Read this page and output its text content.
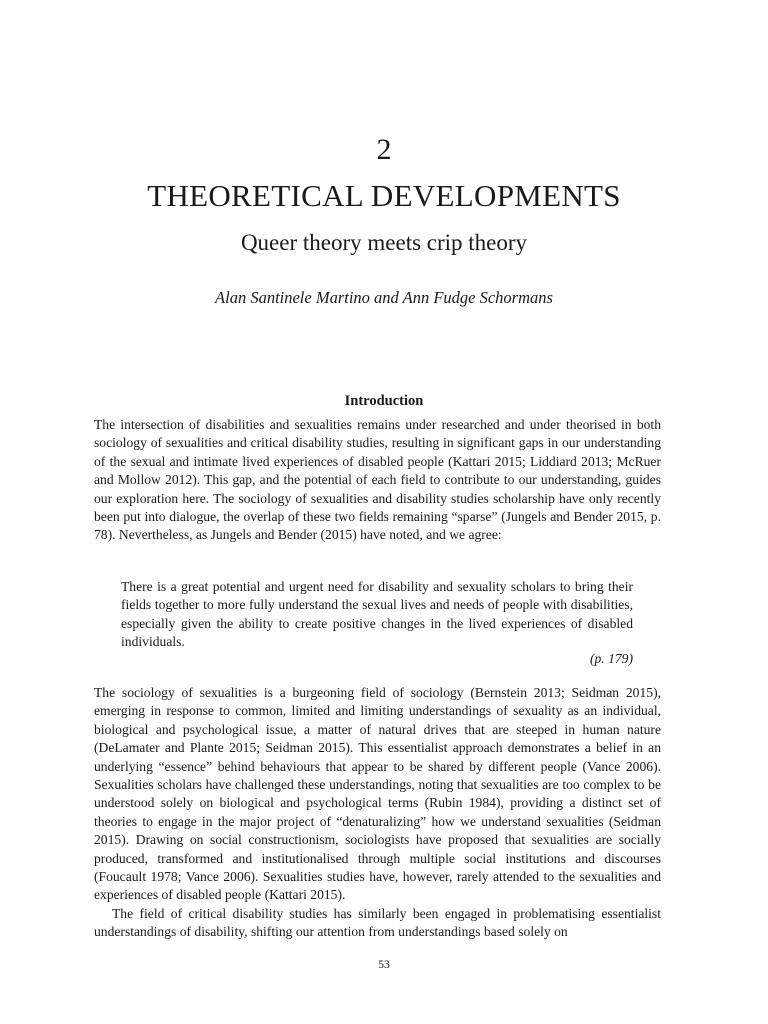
2
THEORETICAL DEVELOPMENTS
Queer theory meets crip theory
Alan Santinele Martino and Ann Fudge Schormans
Introduction

The intersection of disabilities and sexualities remains under researched and under theorised in both sociology of sexualities and critical disability studies, resulting in significant gaps in our understanding of the sexual and intimate lived experiences of disabled people (Kattari 2015; Liddiard 2013; McRuer and Mollow 2012). This gap, and the potential of each field to contribute to our understanding, guides our exploration here. The sociology of sexualities and disability studies scholarship have only recently been put into dialogue, the overlap of these two fields remaining “sparse” (Jungels and Bender 2015, p. 78). Nevertheless, as Jungels and Bender (2015) have noted, and we agree:

There is a great potential and urgent need for disability and sexuality scholars to bring their fields together to more fully understand the sexual lives and needs of people with disabilities, especially given the ability to create positive changes in the lived experiences of disabled individuals.

(p. 179)

The sociology of sexualities is a burgeoning field of sociology (Bernstein 2013; Seidman 2015), emerging in response to common, limited and limiting understandings of sexuality as an individual, biological and psychological issue, a matter of natural drives that are steeped in human nature (DeLamater and Plante 2015; Seidman 2015). This essentialist approach demonstrates a belief in an underlying “essence” behind behaviours that appear to be shared by different people (Vance 2006). Sexualities scholars have challenged these understandings, noting that sexualities are too complex to be understood solely on biological and psychological terms (Rubin 1984), providing a distinct set of theories to engage in the major project of “denaturalizing” how we understand sexualities (Seidman 2015). Drawing on social constructionism, sociologists have proposed that sexualities are socially produced, transformed and institutionalised through multiple social institutions and discourses (Foucault 1978; Vance 2006). Sexualities studies have, however, rarely attended to the sexualities and experiences of disabled people (Kattari 2015).

The field of critical disability studies has similarly been engaged in problematising essentialist understandings of disability, shifting our attention from understandings based solely on

53
